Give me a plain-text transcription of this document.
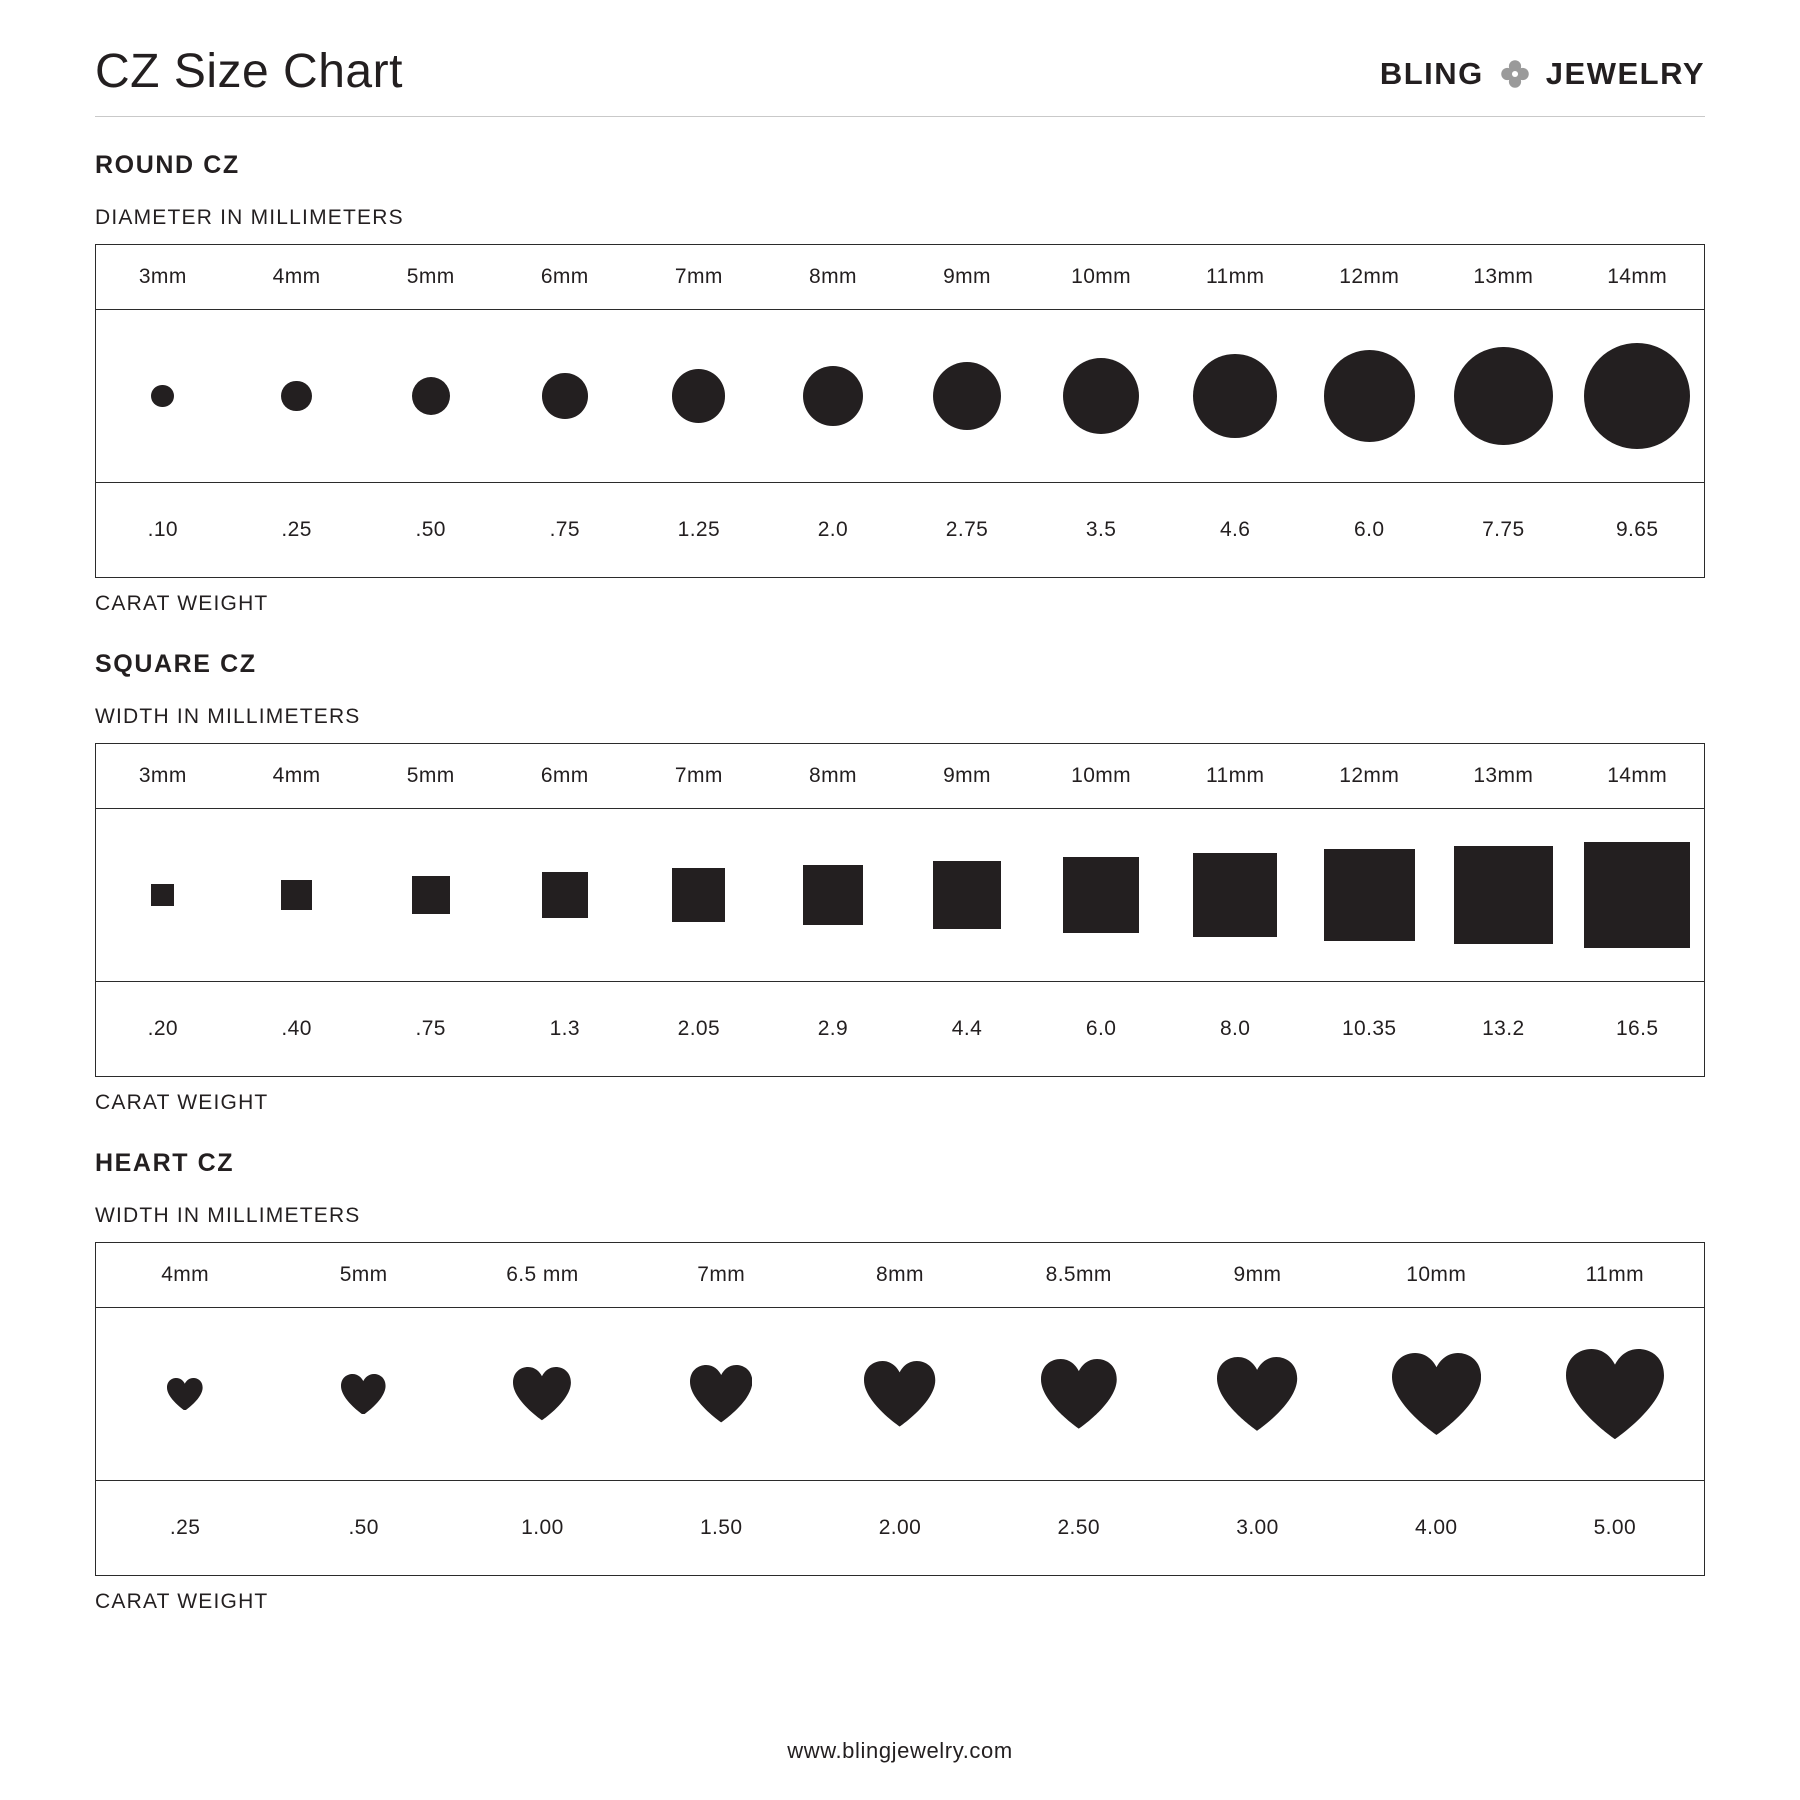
CZ Size Chart	BLING JEWELRY
ROUND CZ
DIAMETER IN MILLIMETERS
3mm	4mm	5mm	6mm	7mm	8mm	9mm	10mm	11mm	12mm	13mm	14mm

.10	.25	.50	.75	1.25	2.0	2.75	3.5	4.6	6.0	7.75	9.65
CARAT WEIGHT
SQUARE CZ
WIDTH IN MILLIMETERS
3mm	4mm	5mm	6mm	7mm	8mm	9mm	10mm	11mm	12mm	13mm	14mm

.20	.40	.75	1.3	2.05	2.9	4.4	6.0	8.0	10.35	13.2	16.5
CARAT WEIGHT
HEART CZ
WIDTH IN MILLIMETERS
4mm	5mm	6.5 mm	7mm	8mm	8.5mm	9mm	10mm	11mm

.25	.50	1.00	1.50	2.00	2.50	3.00	4.00	5.00
CARAT WEIGHT
www.blingjewelry.com
